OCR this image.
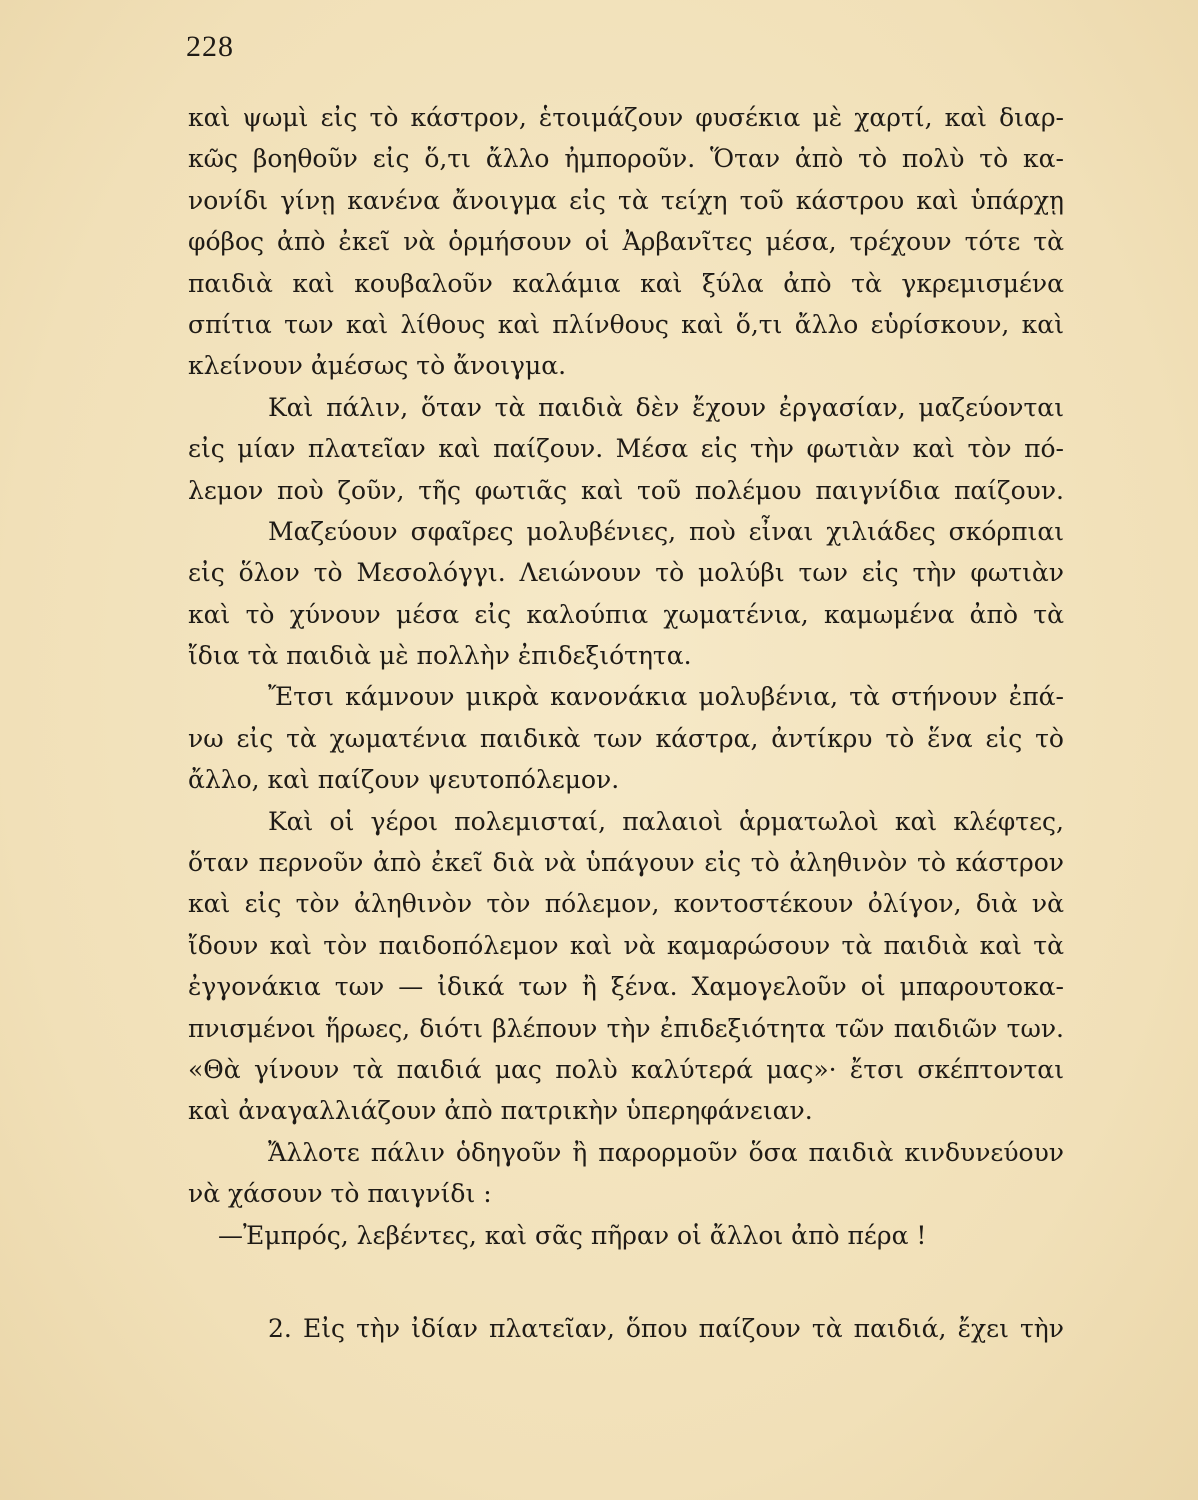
228
καὶ ψωμὶ εἰς τὸ κάστρον, ἑτοιμάζουν φυσέκια μὲ χαρτί, καὶ διαρ-
κῶς βοηθοῦν εἰς ὅ,τι ἄλλο ἠμποροῦν. Ὅταν ἀπὸ τὸ πολὺ τὸ κα-
νονίδι γίνῃ κανένα ἄνοιγμα εἰς τὰ τείχη τοῦ κάστρου καὶ ὑπάρχῃ
φόβος ἀπὸ ἐκεῖ νὰ ὁρμήσουν οἱ Ἀρβανῖτες μέσα, τρέχουν τότε τὰ
παιδιὰ καὶ κουβαλοῦν καλάμια καὶ ξύλα ἀπὸ τὰ γκρεμισμένα
σπίτια των καὶ λίθους καὶ πλίνθους καὶ ὅ,τι ἄλλο εὑρίσκουν, καὶ
κλείνουν ἀμέσως τὸ ἄνοιγμα.
Καὶ πάλιν, ὅταν τὰ παιδιὰ δὲν ἔχουν ἐργασίαν, μαζεύονται
εἰς μίαν πλατεῖαν καὶ παίζουν. Μέσα εἰς τὴν φωτιὰν καὶ τὸν πό-
λεμον ποὺ ζοῦν, τῆς φωτιᾶς καὶ τοῦ πολέμου παιγνίδια παίζουν.
Μαζεύουν σφαῖρες μολυβένιες, ποὺ εἶναι χιλιάδες σκόρπιαι
εἰς ὅλον τὸ Μεσολόγγι. Λειώνουν τὸ μολύβι των εἰς τὴν φωτιὰν
καὶ τὸ χύνουν μέσα εἰς καλούπια χωματένια, καμωμένα ἀπὸ τὰ
ἴδια τὰ παιδιὰ μὲ πολλὴν ἐπιδεξιότητα.
Ἔτσι κάμνουν μικρὰ κανονάκια μολυβένια, τὰ στήνουν ἐπά-
νω εἰς τὰ χωματένια παιδικὰ των κάστρα, ἀντίκρυ τὸ ἕνα εἰς τὸ
ἄλλο, καὶ παίζουν ψευτοπόλεμον.
Καὶ οἱ γέροι πολεμισταί, παλαιοὶ ἁρματωλοὶ καὶ κλέφτες,
ὅταν περνοῦν ἀπὸ ἐκεῖ διὰ νὰ ὑπάγουν εἰς τὸ ἀληθινὸν τὸ κάστρον
καὶ εἰς τὸν ἀληθινὸν τὸν πόλεμον, κοντοστέκουν ὀλίγον, διὰ νὰ
ἴδουν καὶ τὸν παιδοπόλεμον καὶ νὰ καμαρώσουν τὰ παιδιὰ καὶ τὰ
ἐγγονάκια των — ἰδικά των ἢ ξένα. Χαμογελοῦν οἱ μπαρουτοκα-
πνισμένοι ἥρωες, διότι βλέπουν τὴν ἐπιδεξιότητα τῶν παιδιῶν των.
«Θὰ γίνουν τὰ παιδιά μας πολὺ καλύτερά μας»· ἔτσι σκέπτονται
καὶ ἀναγαλλιάζουν ἀπὸ πατρικὴν ὑπερηφάνειαν.
Ἄλλοτε πάλιν ὁδηγοῦν ἢ παρορμοῦν ὅσα παιδιὰ κινδυνεύουν
νὰ χάσουν τὸ παιγνίδι :
—Ἐμπρός, λεβέντες, καὶ σᾶς πῆραν οἱ ἄλλοι ἀπὸ πέρα !
2. Εἰς τὴν ἰδίαν πλατεῖαν, ὅπου παίζουν τὰ παιδιά, ἔχει τὴν
